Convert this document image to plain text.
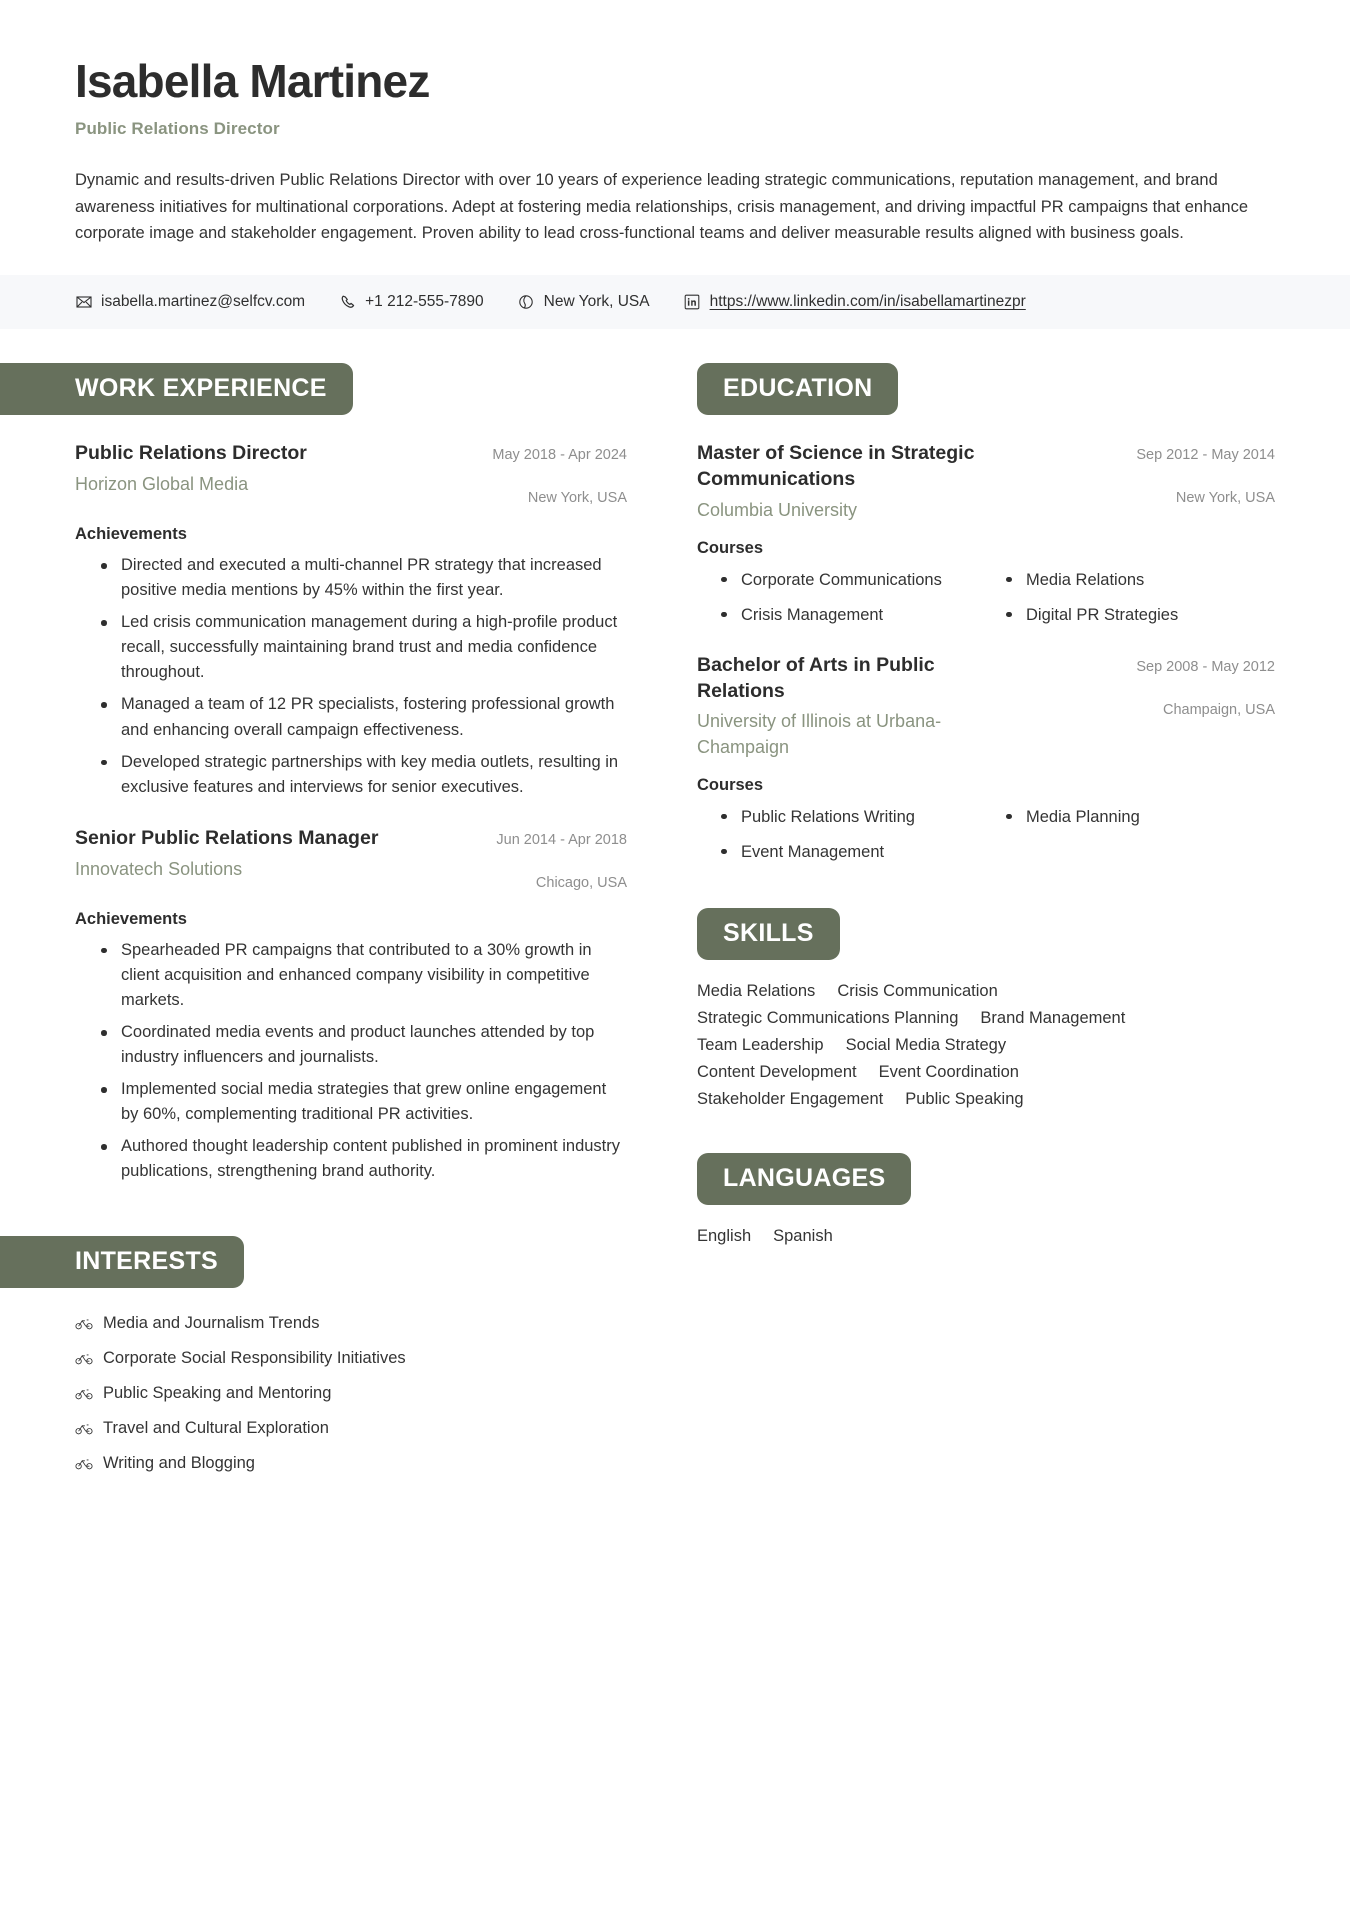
Isabella Martinez
Public Relations Director
Dynamic and results-driven Public Relations Director with over 10 years of experience leading strategic communications, reputation management, and brand awareness initiatives for multinational corporations. Adept at fostering media relationships, crisis management, and driving impactful PR campaigns that enhance corporate image and stakeholder engagement. Proven ability to lead cross-functional teams and deliver measurable results aligned with business goals.
isabella.martinez@selfcv.com	+1 212-555-7890	New York, USA	https://www.linkedin.com/in/isabellamartinezpr
WORK EXPERIENCE
Public Relations Director
Horizon Global Media
May 2018 - Apr 2024
New York, USA
Achievements
Directed and executed a multi-channel PR strategy that increased positive media mentions by 45% within the first year.
Led crisis communication management during a high-profile product recall, successfully maintaining brand trust and media confidence throughout.
Managed a team of 12 PR specialists, fostering professional growth and enhancing overall campaign effectiveness.
Developed strategic partnerships with key media outlets, resulting in exclusive features and interviews for senior executives.
Senior Public Relations Manager
Innovatech Solutions
Jun 2014 - Apr 2018
Chicago, USA
Achievements
Spearheaded PR campaigns that contributed to a 30% growth in client acquisition and enhanced company visibility in competitive markets.
Coordinated media events and product launches attended by top industry influencers and journalists.
Implemented social media strategies that grew online engagement by 60%, complementing traditional PR activities.
Authored thought leadership content published in prominent industry publications, strengthening brand authority.
INTERESTS
Media and Journalism Trends
Corporate Social Responsibility Initiatives
Public Speaking and Mentoring
Travel and Cultural Exploration
Writing and Blogging
EDUCATION
Master of Science in Strategic Communications
Columbia University
Sep 2012 - May 2014
New York, USA
Courses
Corporate Communications	Media Relations
Crisis Management	Digital PR Strategies
Bachelor of Arts in Public Relations
University of Illinois at Urbana-Champaign
Sep 2008 - May 2012
Champaign, USA
Courses
Public Relations Writing	Media Planning
Event Management
SKILLS
Media Relations Crisis Communication
Strategic Communications Planning Brand Management
Team Leadership Social Media Strategy
Content Development Event Coordination
Stakeholder Engagement Public Speaking
LANGUAGES
English Spanish
